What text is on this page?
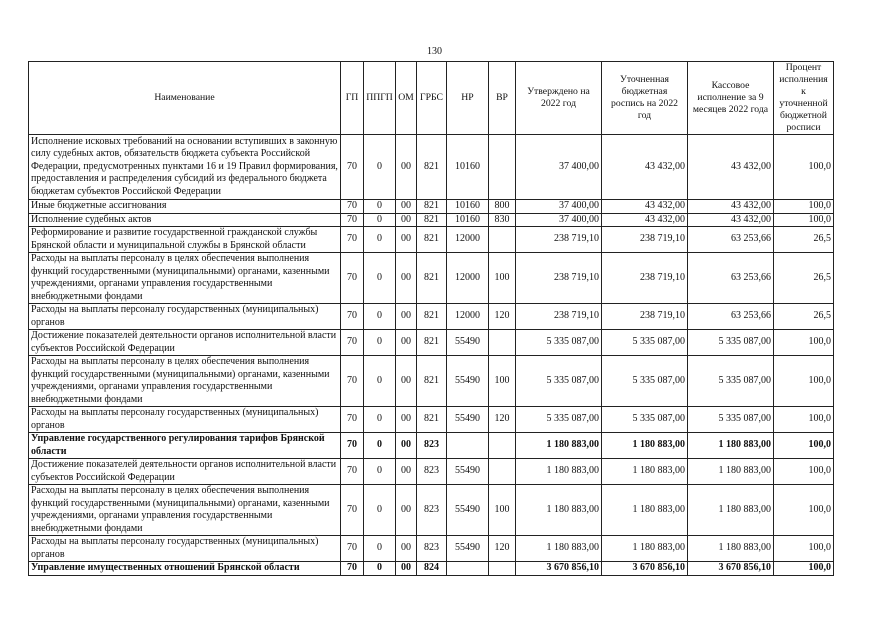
130
Наименование	ГП	ППГП	ОМ	ГРБС	НР	ВР	Утверждено на 2022 год	Уточненная бюджетная роспись на 2022 год	Кассовое исполнение за 9 месяцев 2022 года	Процент исполнения к уточненной бюджетной росписи
Исполнение исковых требований на основании вступивших в законную силу судебных актов, обязательств бюджета субъекта Российской Федерации, предусмотренных пунктами 16 и 19 Правил формирования, предоставления и распределения субсидий из федерального бюджета бюджетам субъектов Российской Федерации	70	0	00	821	10160		37 400,00	43 432,00	43 432,00	100,0
Иные бюджетные ассигнования	70	0	00	821	10160	800	37 400,00	43 432,00	43 432,00	100,0
Исполнение судебных актов	70	0	00	821	10160	830	37 400,00	43 432,00	43 432,00	100,0
Реформирование и развитие государственной гражданской службы Брянской области и муниципальной службы в Брянской области	70	0	00	821	12000		238 719,10	238 719,10	63 253,66	26,5
Расходы на выплаты персоналу в целях обеспечения выполнения функций государственными (муниципальными) органами, казенными учреждениями, органами управления государственными внебюджетными фондами	70	0	00	821	12000	100	238 719,10	238 719,10	63 253,66	26,5
Расходы на выплаты персоналу государственных (муниципальных) органов	70	0	00	821	12000	120	238 719,10	238 719,10	63 253,66	26,5
Достижение показателей деятельности органов исполнительной власти субъектов Российской Федерации	70	0	00	821	55490		5 335 087,00	5 335 087,00	5 335 087,00	100,0
Расходы на выплаты персоналу в целях обеспечения выполнения функций государственными (муниципальными) органами, казенными учреждениями, органами управления государственными внебюджетными фондами	70	0	00	821	55490	100	5 335 087,00	5 335 087,00	5 335 087,00	100,0
Расходы на выплаты персоналу государственных (муниципальных) органов	70	0	00	821	55490	120	5 335 087,00	5 335 087,00	5 335 087,00	100,0
Управление государственного регулирования тарифов Брянской области	70	0	00	823			1 180 883,00	1 180 883,00	1 180 883,00	100,0
Достижение показателей деятельности органов исполнительной власти субъектов Российской Федерации	70	0	00	823	55490		1 180 883,00	1 180 883,00	1 180 883,00	100,0
Расходы на выплаты персоналу в целях обеспечения выполнения функций государственными (муниципальными) органами, казенными учреждениями, органами управления государственными внебюджетными фондами	70	0	00	823	55490	100	1 180 883,00	1 180 883,00	1 180 883,00	100,0
Расходы на выплаты персоналу государственных (муниципальных) органов	70	0	00	823	55490	120	1 180 883,00	1 180 883,00	1 180 883,00	100,0
Управление имущественных отношений Брянской области	70	0	00	824			3 670 856,10	3 670 856,10	3 670 856,10	100,0
